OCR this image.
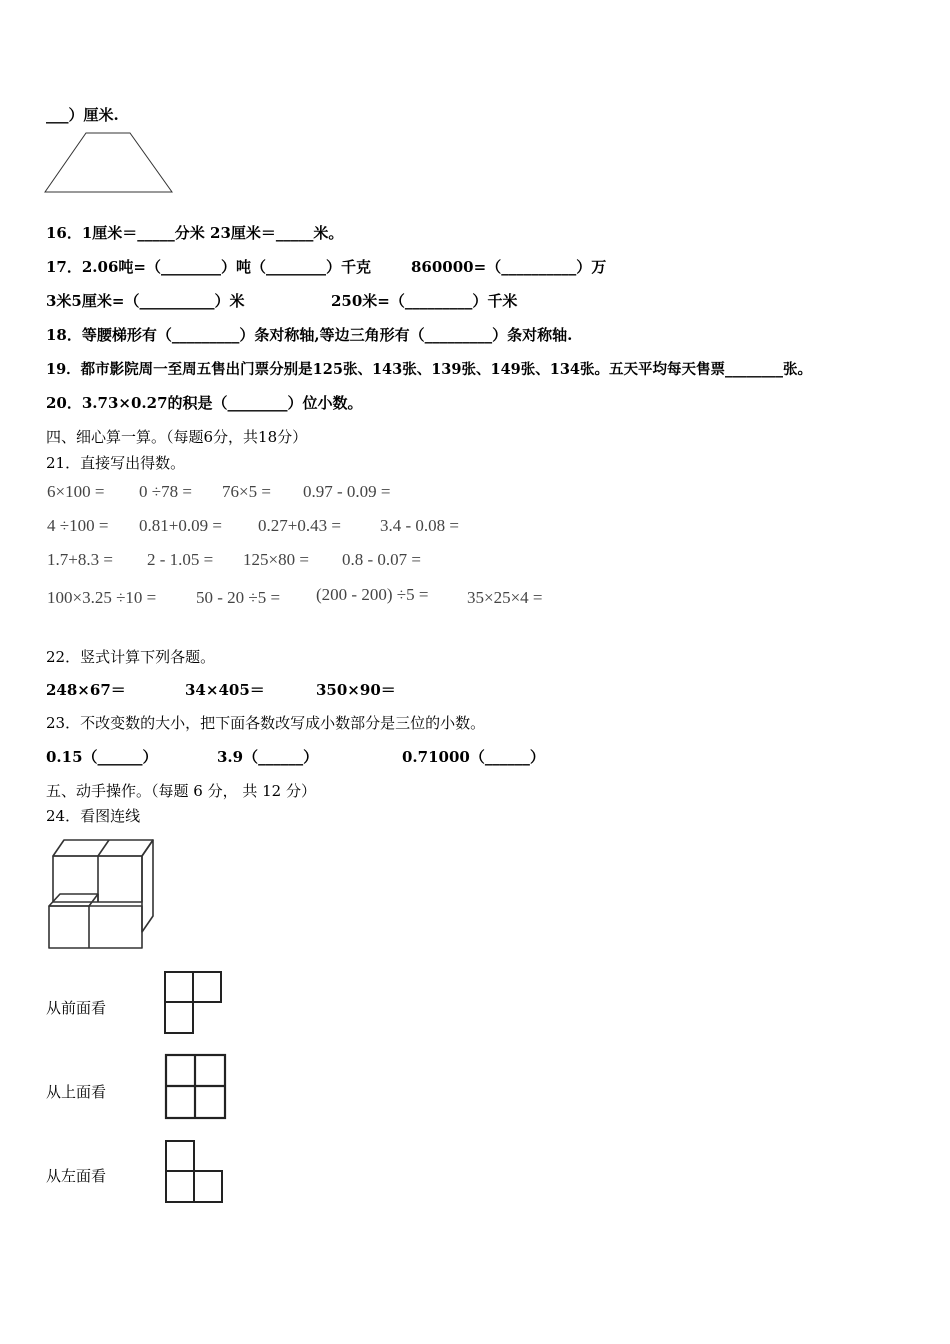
___）厘米.
16．1厘米＝_____分米 23厘米＝_____米。
17．2.06吨=（________）吨（________）千克	860000=（__________）万
3米5厘米=（__________）米	250米=（_________）千米
18．等腰梯形有（_________）条对称轴,等边三角形有（_________）条对称轴.
19．都市影院周一至周五售出门票分别是125张、143张、139张、149张、134张。五天平均每天售票________张。
20．3.73×0.27的积是（________）位小数。
四、细心算一算。（每题6分，共18分）
21．直接写出得数。
6×100 = 0 ÷78 = 76×5 = 0.97 - 0.09 =
4 ÷100 = 0.81+0.09 = 0.27+0.43 = 3.4 - 0.08 =
1.7+8.3 = 2 - 1.05 = 125×80 = 0.8 - 0.07 =
100×3.25 ÷10 = 50 - 20 ÷5 = (200 - 200) ÷5 = 35×25×4 =
22．竖式计算下列各题。
248×67＝	34×405＝	350×90＝
23．不改变数的大小，把下面各数改写成小数部分是三位的小数。
0.15（______）	3.9（______）	0.71000（______）
五、动手操作。（每题 6 分， 共 12 分）
24．看图连线
从前面看
从上面看
从左面看
